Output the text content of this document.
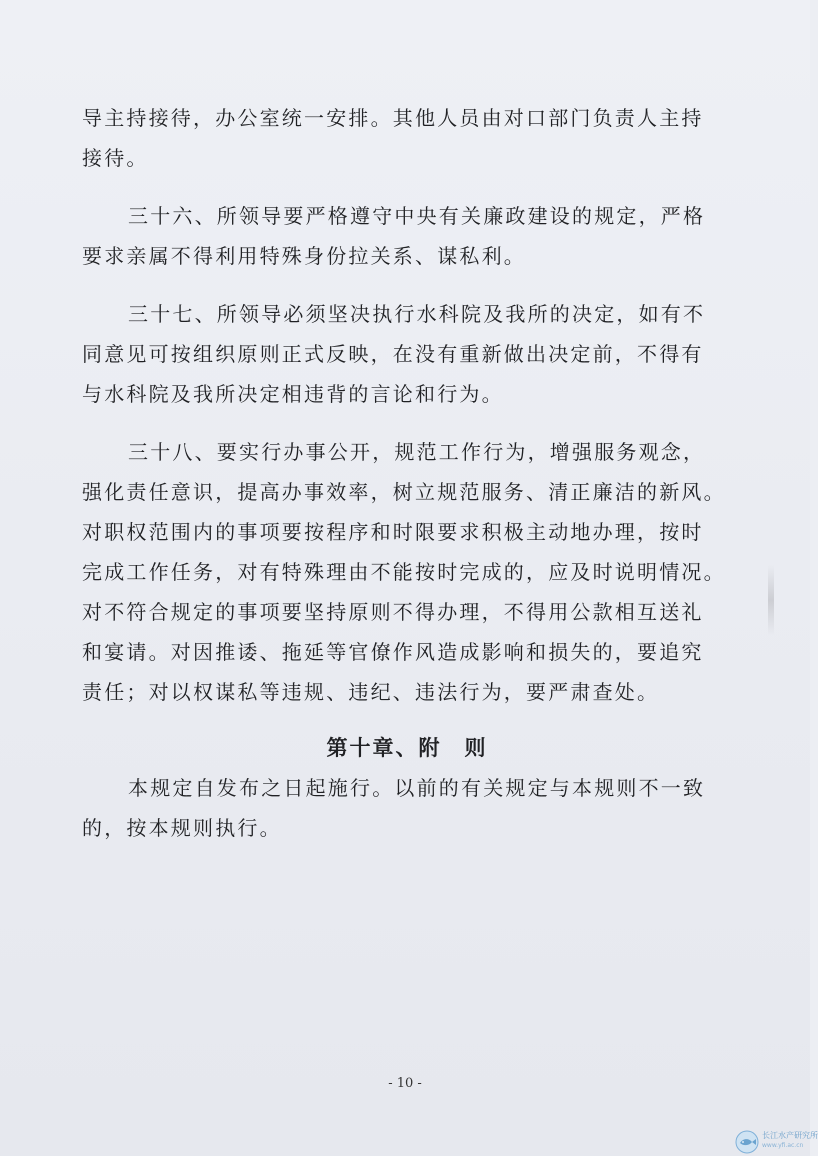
导主持接待，办公室统一安排。其他人员由对口部门负责人主持
接待。
三十六、所领导要严格遵守中央有关廉政建设的规定，严格
要求亲属不得利用特殊身份拉关系、谋私利。
三十七、所领导必须坚决执行水科院及我所的决定，如有不
同意见可按组织原则正式反映，在没有重新做出决定前，不得有
与水科院及我所决定相违背的言论和行为。
三十八、要实行办事公开，规范工作行为，增强服务观念，
强化责任意识，提高办事效率，树立规范服务、清正廉洁的新风。
对职权范围内的事项要按程序和时限要求积极主动地办理，按时
完成工作任务，对有特殊理由不能按时完成的，应及时说明情况。
对不符合规定的事项要坚持原则不得办理，不得用公款相互送礼
和宴请。对因推诿、拖延等官僚作风造成影响和损失的，要追究
责任；对以权谋私等违规、违纪、违法行为，要严肃查处。
第十章、附　则
本规定自发布之日起施行。以前的有关规定与本规则不一致
的，按本规则执行。
- 10 -
长江水产研究所
www.yfi.ac.cn
